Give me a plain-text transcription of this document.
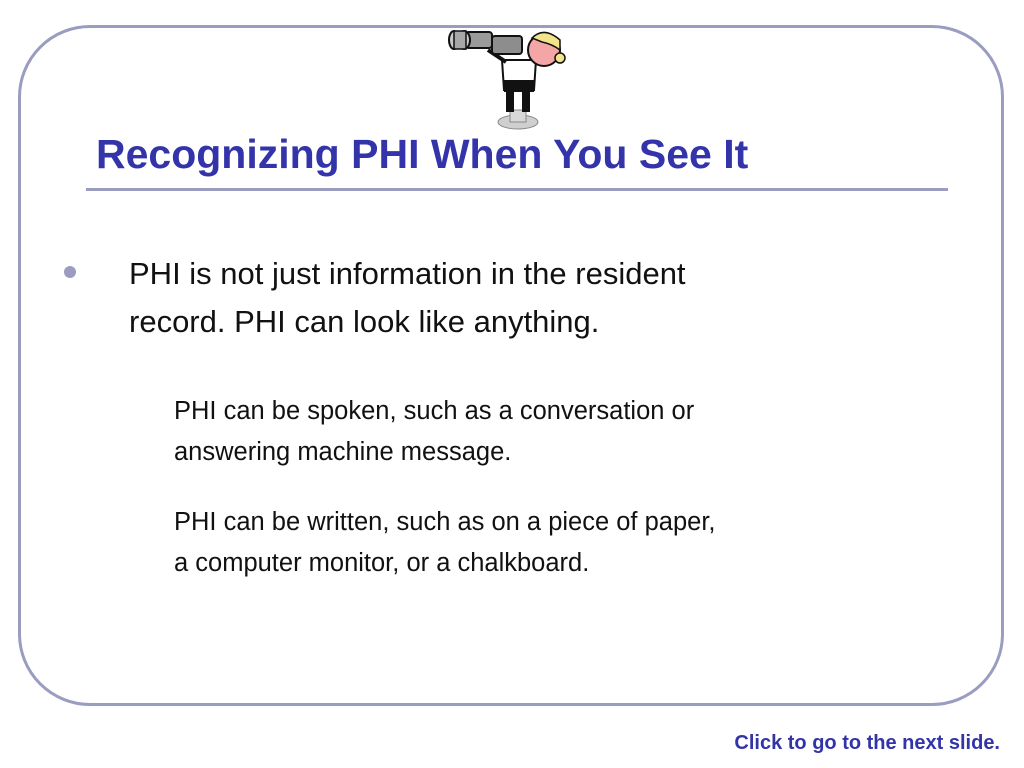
Recognizing PHI When You See It
PHI is not just information in the resident
record. PHI can look like anything.
PHI can be spoken, such as a conversation or
answering machine message.
PHI can be written, such as on a piece of paper,
a computer monitor, or a chalkboard.
Click to go to the next slide.
